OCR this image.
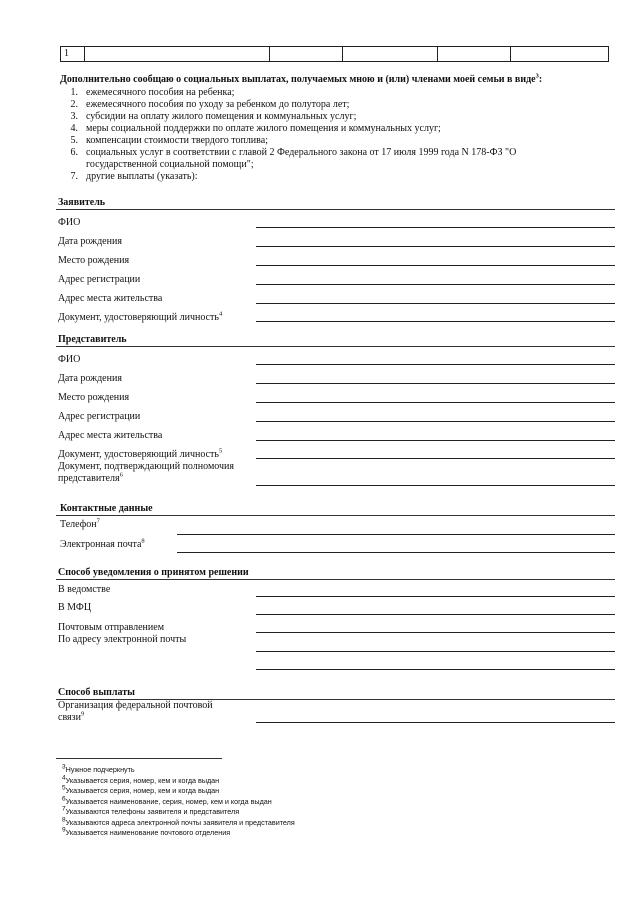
1					
Дополнительно сообщаю о социальных выплатах, получаемых мною и (или) членами моей семьи в виде$^3$:
1. ежемесячного пособия на ребенка;
2. ежемесячного пособия по уходу за ребенком до полутора лет;
3. субсидии на оплату жилого помещения и коммунальных услуг;
4. меры социальной поддержки по оплате жилого помещения и коммунальных услуг;
5. компенсации стоимости твердого топлива;
6. социальных услуг в соответствии с главой 2 Федерального закона от 17 июля 1999 года N 178-ФЗ "О
государственной социальной помощи";
7. другие выплаты (указать):
Заявитель
ФИО
Дата рождения
Место рождения
Адрес регистрации
Адрес места жительства
Документ, удостоверяющий личность$^4$
Представитель
ФИО
Дата рождения
Место рождения
Адрес регистрации
Адрес места жительства
Документ, удостоверяющий личность$^5$
Документ, подтверждающий полномочия
представителя$^6$
Контактные данные
Телефон$^7$
Электронная почта$^8$
Способ уведомления о принятом решении
В ведомстве
В МФЦ
Почтовым отправлением
По адресу электронной почты
Способ выплаты
Организация федеральной почтовой
связи$^9$
$^3$Нужное подчеркнуть
$^4$Указывается серия, номер, кем и когда выдан
$^5$Указывается серия, номер, кем и когда выдан
$^6$Указывается наименование, серия, номер, кем и когда выдан
$^7$Указываются телефоны заявителя и представителя
$^8$Указываются адреса электронной почты заявителя и представителя
$^9$Указывается наименование почтового отделения
